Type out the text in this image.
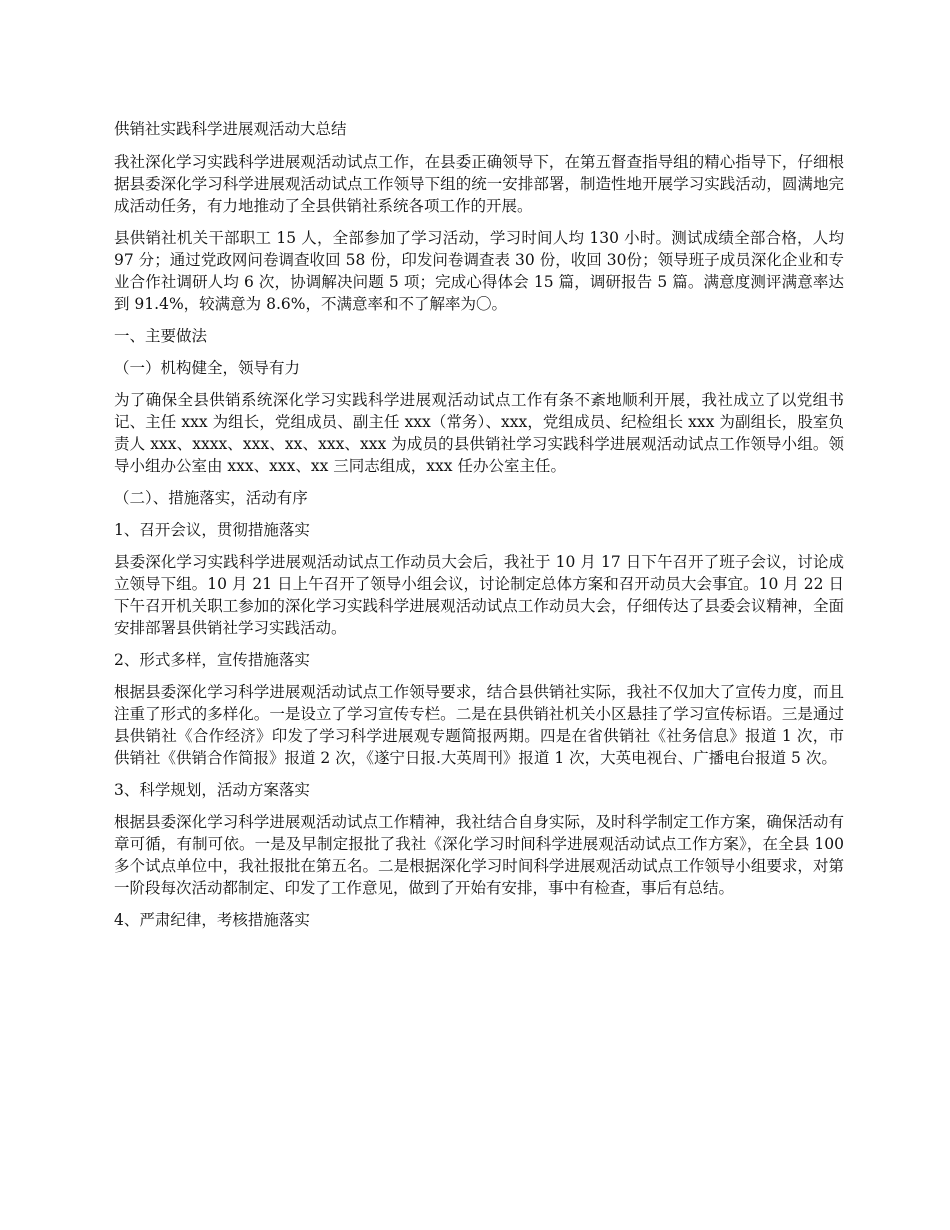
供销社实践科学进展观活动大总结

我社深化学习实践科学进展观活动试点工作，在县委正确领导下，在第五督查指导组的精心指导下，仔细根据县委深化学习科学进展观活动试点工作领导下组的统一安排部署，制造性地开展学习实践活动，圆满地完成活动任务，有力地推动了全县供销社系统各项工作的开展。

县供销社机关干部职工 15 人，全部参加了学习活动，学习时间人均 130 小时。测试成绩全部合格，人均 97 分；通过党政网问卷调查收回 58 份，印发问卷调查表 30 份，收回 30份；领导班子成员深化企业和专业合作社调研人均 6 次，协调解决问题 5 项；完成心得体会 15 篇，调研报告 5 篇。满意度测评满意率达到 91.4%，较满意为 8.6%，不满意率和不了解率为〇。

一、主要做法

（一）机构健全，领导有力

为了确保全县供销系统深化学习实践科学进展观活动试点工作有条不紊地顺利开展，我社成立了以党组书记、主任 xxx 为组长，党组成员、副主任 xxx（常务）、xxx，党组成员、纪检组长 xxx 为副组长，股室负责人 xxx、xxxx、xxx、xx、xxx、xxx 为成员的县供销社学习实践科学进展观活动试点工作领导小组。领导小组办公室由 xxx、xxx、xx 三同志组成，xxx 任办公室主任。

（二）、措施落实，活动有序

1、召开会议，贯彻措施落实

县委深化学习实践科学进展观活动试点工作动员大会后，我社于 10 月 17 日下午召开了班子会议，讨论成立领导下组。10 月 21 日上午召开了领导小组会议，讨论制定总体方案和召开动员大会事宜。10 月 22 日下午召开机关职工参加的深化学习实践科学进展观活动试点工作动员大会，仔细传达了县委会议精神，全面安排部署县供销社学习实践活动。

2、形式多样，宣传措施落实

根据县委深化学习科学进展观活动试点工作领导要求，结合县供销社实际，我社不仅加大了宣传力度，而且注重了形式的多样化。一是设立了学习宣传专栏。二是在县供销社机关小区悬挂了学习宣传标语。三是通过县供销社《合作经济》印发了学习科学进展观专题简报两期。四是在省供销社《社务信息》报道 1 次，市供销社《供销合作简报》报道 2 次，《遂宁日报.大英周刊》报道 1 次，大英电视台、广播电台报道 5 次。

3、科学规划，活动方案落实

根据县委深化学习科学进展观活动试点工作精神，我社结合自身实际，及时科学制定工作方案，确保活动有章可循，有制可依。一是及早制定报批了我社《深化学习时间科学进展观活动试点工作方案》，在全县 100 多个试点单位中，我社报批在第五名。二是根据深化学习时间科学进展观活动试点工作领导小组要求，对第一阶段每次活动都制定、印发了工作意见，做到了开始有安排，事中有检查，事后有总结。

4、严肃纪律，考核措施落实
